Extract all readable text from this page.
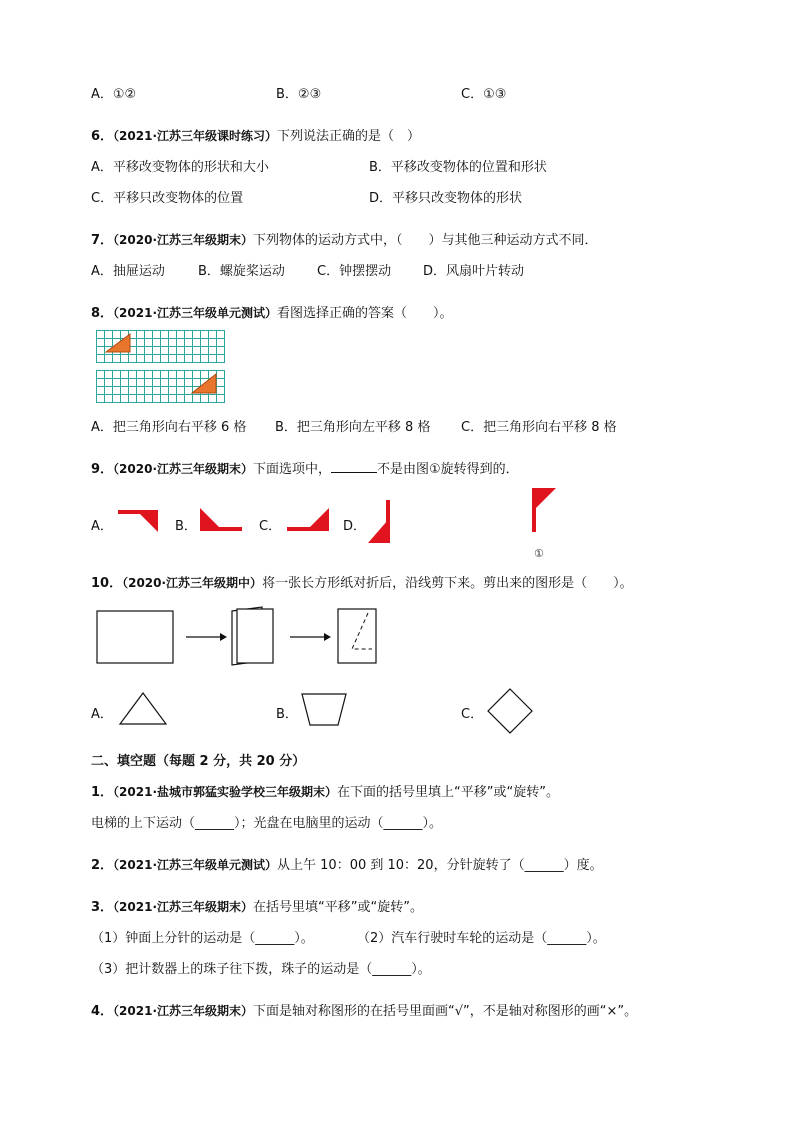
A．①②	B．②③	C．①③
6．（2021·江苏三年级课时练习）下列说法正确的是（　）
A．平移改变物体的形状和大小	B．平移改变物体的位置和形状
C．平移只改变物体的位置	D．平移只改变物体的形状
7．（2020·江苏三年级期末）下列物体的运动方式中，（　　）与其他三种运动方式不同．
A．抽屉运动	B．螺旋桨运动 C．钟摆摆动 D．风扇叶片转动
8．（2021·江苏三年级单元测试）看图选择正确的答案（　　）。
A．把三角形向右平移 6 格 B．把三角形向左平移 8 格 C．把三角形向右平移 8 格
9．（2020·江苏三年级期末）下面选项中，	不是由图①旋转得到的．
A．	B．	C．	D．
①
10．（2020·江苏三年级期中）将一张长方形纸对折后，沿线剪下来。剪出来的图形是（　　）。
A．	B．	C．
二、填空题（每题 2 分，共 20 分）
1．（2021·盐城市郭猛实验学校三年级期末）在下面的括号里填上“平移”或“旋转”。
电梯的上下运动（______）；光盘在电脑里的运动（______）。
2．（2021·江苏三年级单元测试）从上午 10：00 到 10：20，分针旋转了（______）度。
3．（2021·江苏三年级期末）在括号里填“平移”或“旋转”。
（1）钟面上分针的运动是（______）。	（2）汽车行驶时车轮的运动是（______）。
（3）把计数器上的珠子往下拨，珠子的运动是（______）。
4．（2021·江苏三年级期末）下面是轴对称图形的在括号里面画“√”，不是轴对称图形的画“×”。
